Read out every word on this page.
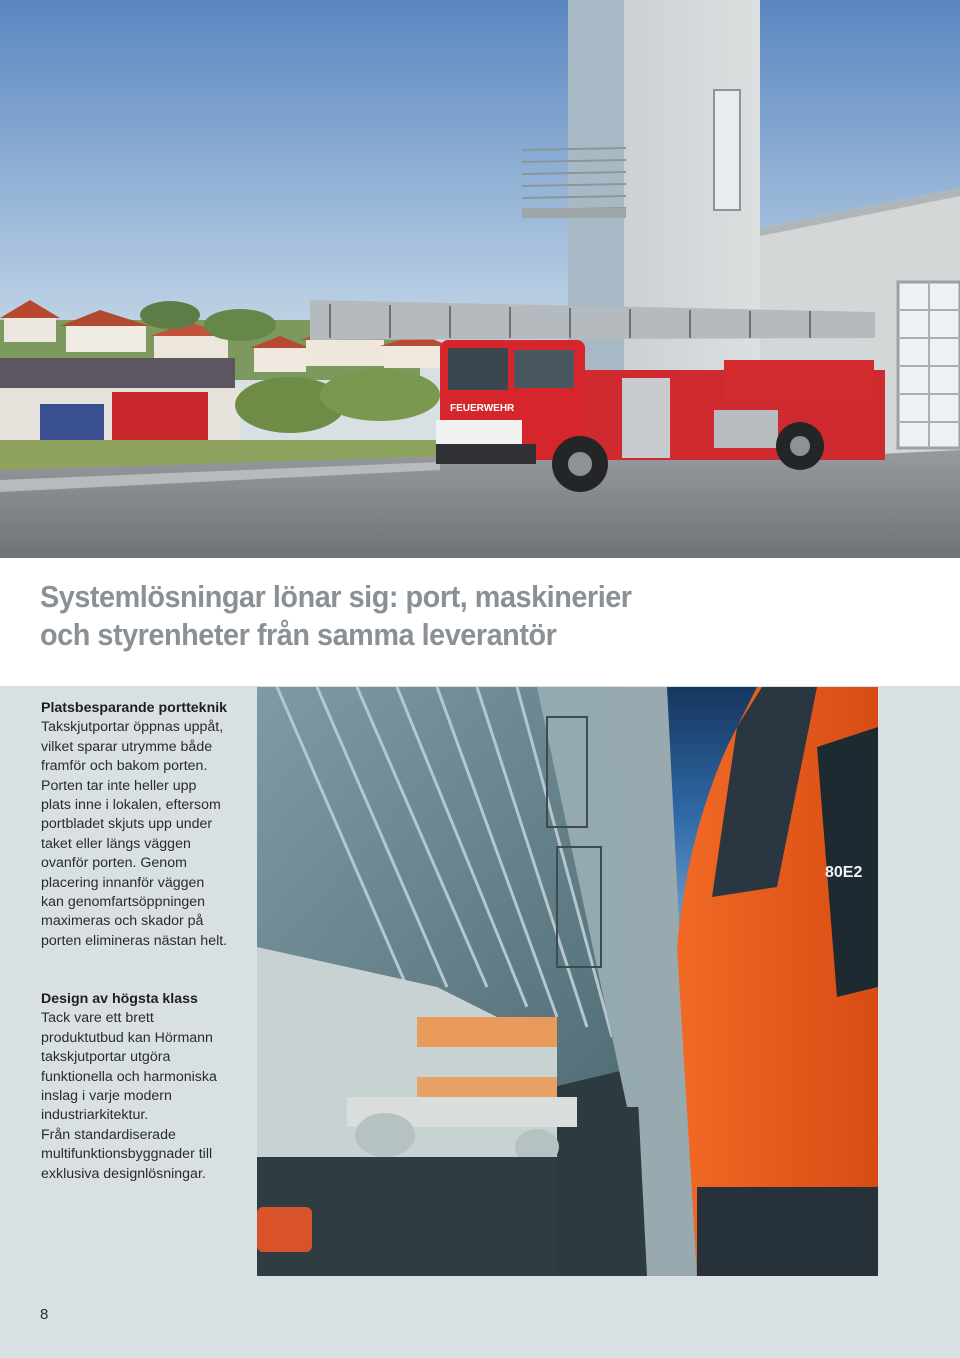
FEUERWEHR
Systemlösningar lönar sig: port, maskinerier
och styrenheter från samma leverantör
Platsbesparande portteknik
Takskjutportar öppnas uppåt,
vilket sparar utrymme både
framför och bakom porten.
Porten tar inte heller upp
plats inne i lokalen, eftersom
portbladet skjuts upp under
taket eller längs väggen
ovanför porten. Genom
placering innanför väggen
kan genomfartsöppningen
maximeras och skador på
porten elimineras nästan helt.
Design av högsta klass
Tack vare ett brett
produktutbud kan Hörmann
takskjutportar utgöra
funktionella och harmoniska
inslag i varje modern
industriarkitektur.
Från standardiserade
multifunktionsbyggnader till
exklusiva designlösningar.
80E2
8
